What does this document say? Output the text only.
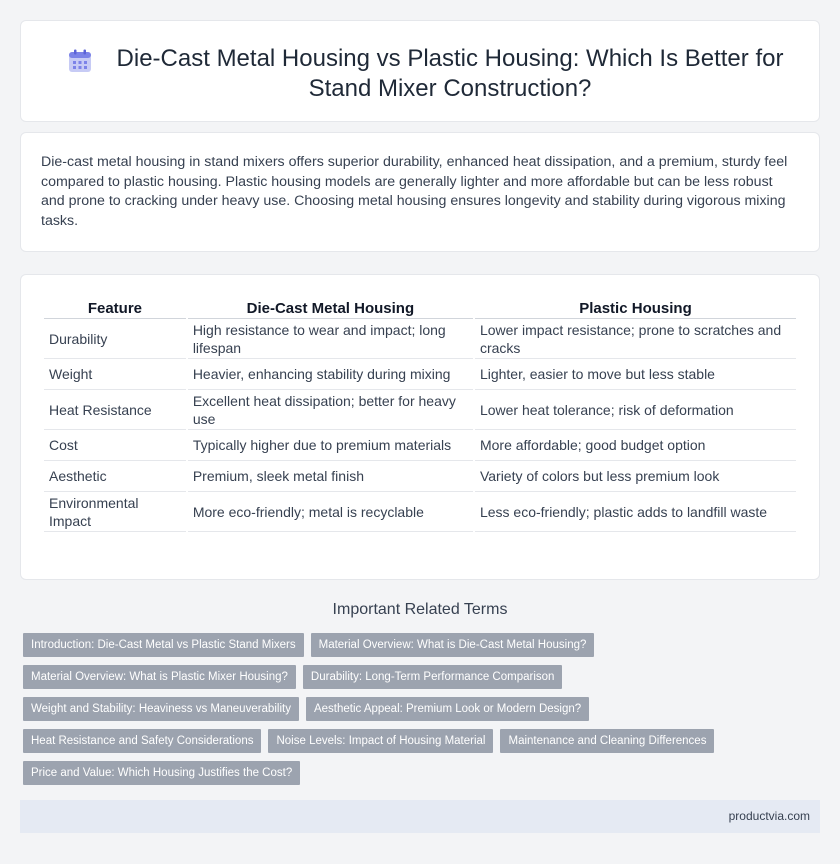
Die-Cast Metal Housing vs Plastic Housing: Which Is Better for Stand Mixer Construction?

Die-cast metal housing in stand mixers offers superior durability, enhanced heat dissipation, and a premium, sturdy feel compared to plastic housing. Plastic housing models are generally lighter and more affordable but can be less robust and prone to cracking under heavy use. Choosing metal housing ensures longevity and stability during vigorous mixing tasks.

Feature	Die-Cast Metal Housing	Plastic Housing
Durability	High resistance to wear and impact; long lifespan	Lower impact resistance; prone to scratches and cracks
Weight	Heavier, enhancing stability during mixing	Lighter, easier to move but less stable
Heat Resistance	Excellent heat dissipation; better for heavy use	Lower heat tolerance; risk of deformation
Cost	Typically higher due to premium materials	More affordable; good budget option
Aesthetic	Premium, sleek metal finish	Variety of colors but less premium look
Environmental Impact	More eco-friendly; metal is recyclable	Less eco-friendly; plastic adds to landfill waste
Important Related Terms
Introduction: Die-Cast Metal vs Plastic Stand Mixers	Material Overview: What is Die-Cast Metal Housing?
Material Overview: What is Plastic Mixer Housing?	Durability: Long-Term Performance Comparison
Weight and Stability: Heaviness vs Maneuverability	Aesthetic Appeal: Premium Look or Modern Design?
Heat Resistance and Safety Considerations	Noise Levels: Impact of Housing Material	Maintenance and Cleaning Differences
Price and Value: Which Housing Justifies the Cost?
productvia.com
